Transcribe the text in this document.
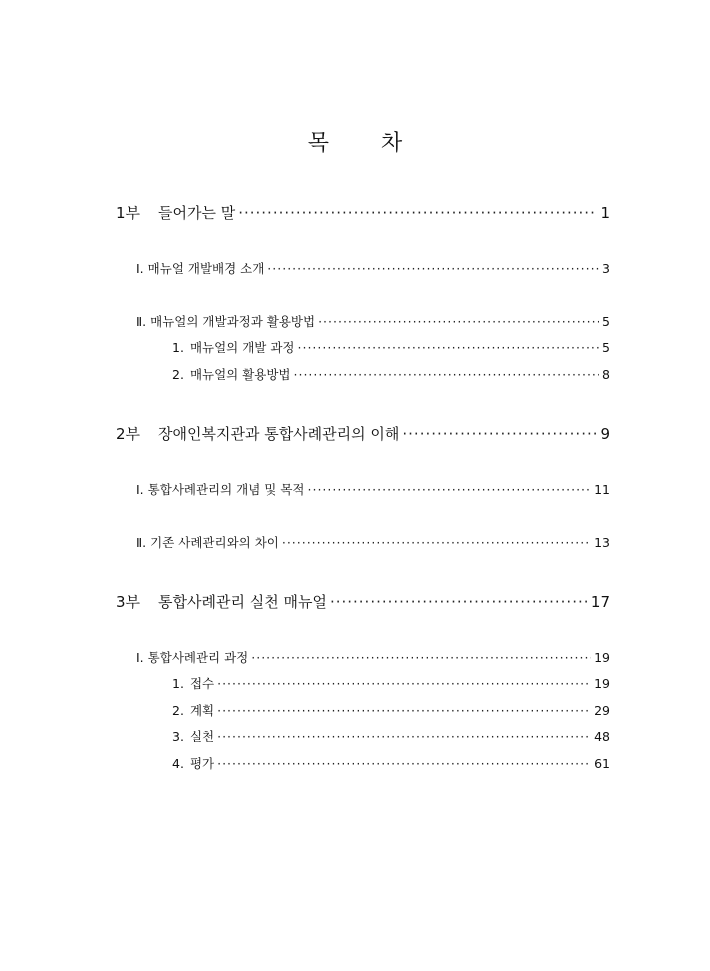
목 차
1부	들어가는 말 ·····	1
Ⅰ. 매뉴얼 개발배경 소개 ·····	3
Ⅱ. 매뉴얼의 개발과정과 활용방법 ·····	5
1. 매뉴얼의 개발 과정 ·····	5
2. 매뉴얼의 활용방법 ·····	8
2부	장애인복지관과 통합사례관리의 이해 ·····	9
Ⅰ. 통합사례관리의 개념 및 목적 ·····	11
Ⅱ. 기존 사례관리와의 차이 ·····	13
3부	통합사례관리 실천 매뉴얼 ·····	17
Ⅰ. 통합사례관리 과정 ·····	19
1. 접수 ·····	19
2. 계획 ·····	29
3. 실천 ·····	48
4. 평가 ·····	61
